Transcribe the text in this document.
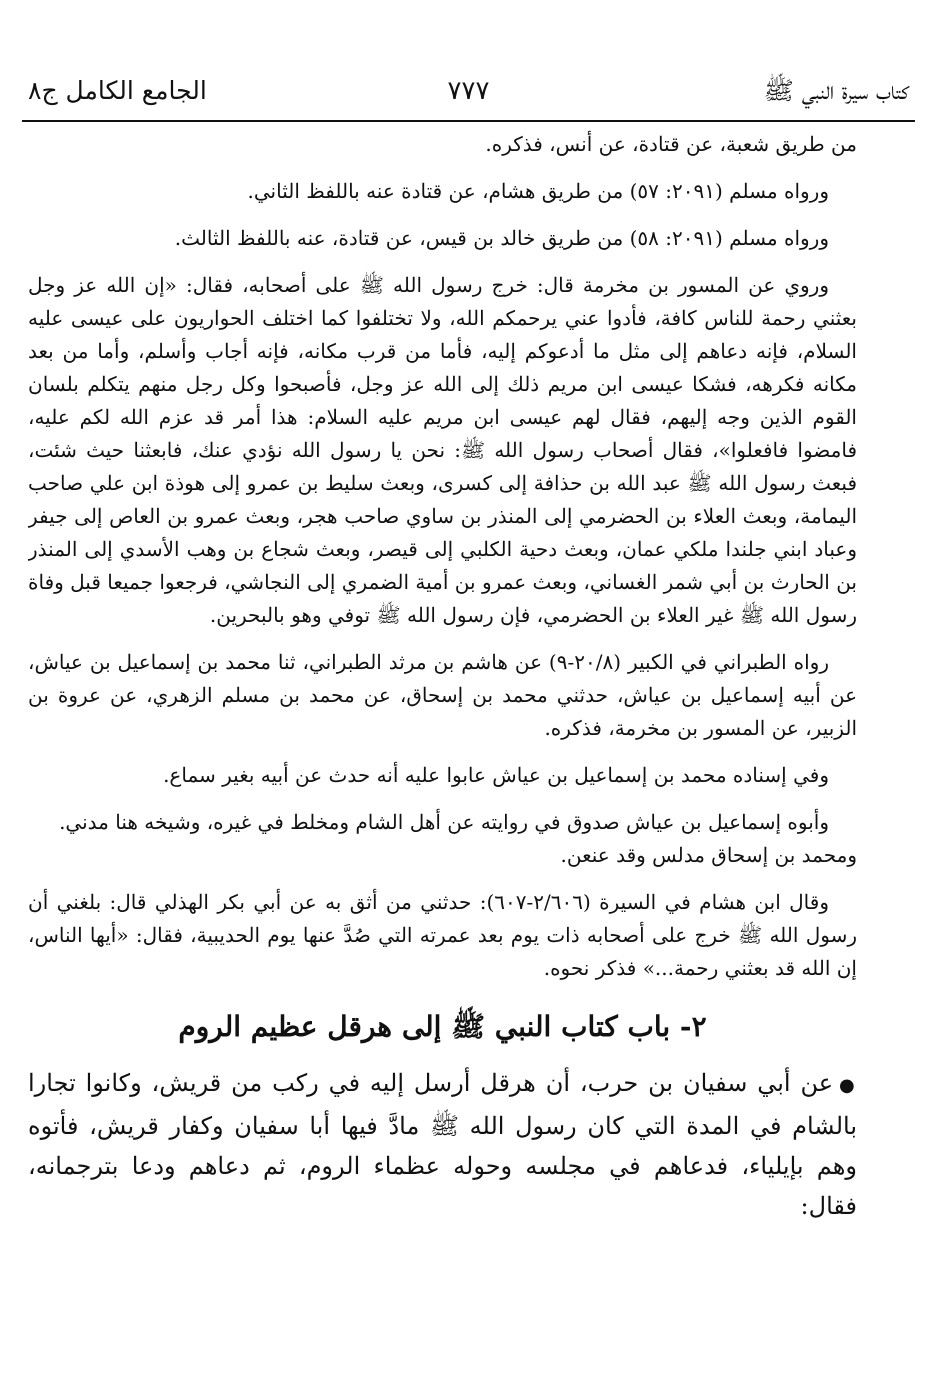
كتاب سيرة النبي ﷺ
٧٧٧
الجامع الكامل ج٨

من طريق شعبة، عن قتادة، عن أنس، فذكره.

ورواه مسلم (٢٠٩١: ٥٧) من طريق هشام، عن قتادة عنه باللفظ الثاني.

ورواه مسلم (٢٠٩١: ٥٨) من طريق خالد بن قيس، عن قتادة، عنه باللفظ الثالث.

وروي عن المسور بن مخرمة قال: خرج رسول الله ﷺ على أصحابه، فقال: «إن الله عز وجل بعثني رحمة للناس كافة، فأدوا عني يرحمكم الله، ولا تختلفوا كما اختلف الحواريون على عيسى عليه السلام، فإنه دعاهم إلى مثل ما أدعوكم إليه، فأما من قرب مكانه، فإنه أجاب وأسلم، وأما من بعد مكانه فكرهه، فشكا عيسى ابن مريم ذلك إلى الله عز وجل، فأصبحوا وكل رجل منهم يتكلم بلسان القوم الذين وجه إليهم، فقال لهم عيسى ابن مريم عليه السلام: هذا أمر قد عزم الله لكم عليه، فامضوا فافعلوا»، فقال أصحاب رسول الله ﷺ: نحن يا رسول الله نؤدي عنك، فابعثنا حيث شئت، فبعث رسول الله ﷺ عبد الله بن حذافة إلى كسرى، وبعث سليط بن عمرو إلى هوذة ابن علي صاحب اليمامة، وبعث العلاء بن الحضرمي إلى المنذر بن ساوي صاحب هجر، وبعث عمرو بن العاص إلى جيفر وعباد ابني جلندا ملكي عمان، وبعث دحية الكلبي إلى قيصر، وبعث شجاع بن وهب الأسدي إلى المنذر بن الحارث بن أبي شمر الغساني، وبعث عمرو بن أمية الضمري إلى النجاشي، فرجعوا جميعا قبل وفاة رسول الله ﷺ غير العلاء بن الحضرمي، فإن رسول الله ﷺ توفي وهو بالبحرين.

رواه الطبراني في الكبير (٢٠/٨-٩) عن هاشم بن مرثد الطبراني، ثنا محمد بن إسماعيل بن عياش، عن أبيه إسماعيل بن عياش، حدثني محمد بن إسحاق، عن محمد بن مسلم الزهري، عن عروة بن الزبير، عن المسور بن مخرمة، فذكره.

وفي إسناده محمد بن إسماعيل بن عياش عابوا عليه أنه حدث عن أبيه بغير سماع.

وأبوه إسماعيل بن عياش صدوق في روايته عن أهل الشام ومخلط في غيره، وشيخه هنا مدني.

ومحمد بن إسحاق مدلس وقد عنعن.

وقال ابن هشام في السيرة (٢/٦٠٦-٦٠٧): حدثني من أثق به عن أبي بكر الهذلي قال: بلغني أن رسول الله ﷺ خرج على أصحابه ذات يوم بعد عمرته التي صُدَّ عنها يوم الحديبية، فقال: «أيها الناس، إن الله قد بعثني رحمة...» فذكر نحوه.

٢- باب كتاب النبي ﷺ إلى هرقل عظيم الروم

●عن أبي سفيان بن حرب، أن هرقل أرسل إليه في ركب من قريش، وكانوا تجارا بالشام في المدة التي كان رسول الله ﷺ مادَّ فيها أبا سفيان وكفار قريش، فأتوه وهم بإيلياء، فدعاهم في مجلسه وحوله عظماء الروم، ثم دعاهم ودعا بترجمانه، فقال:
